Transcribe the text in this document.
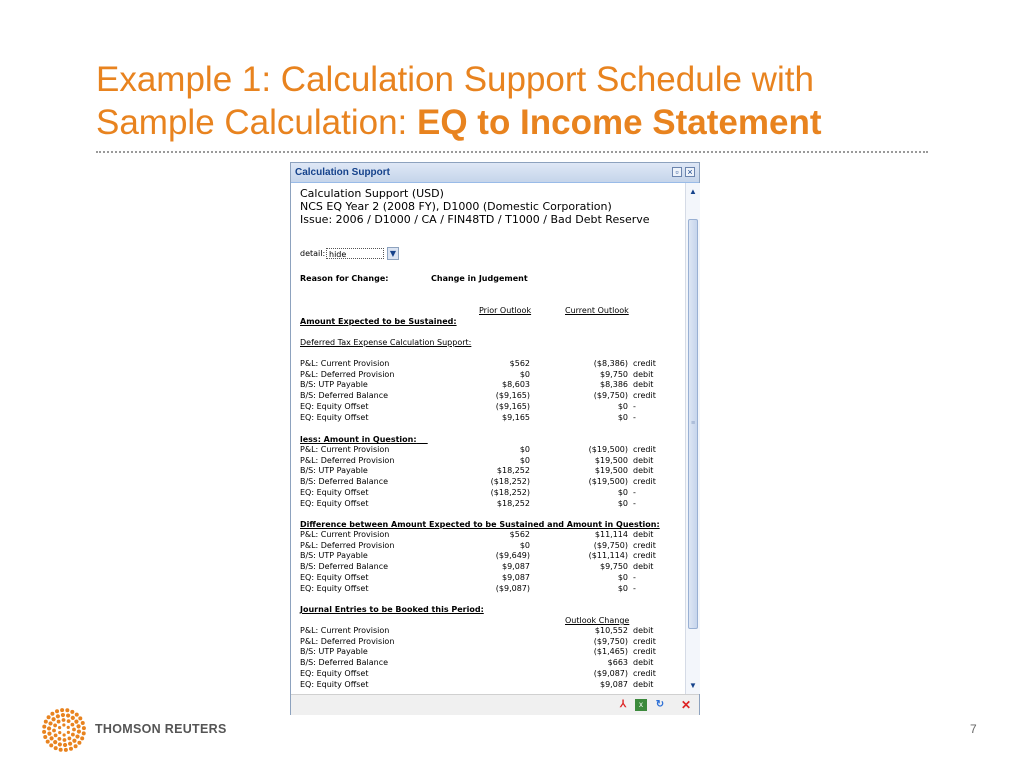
Example 1: Calculation Support Schedule with
Sample Calculation: EQ to Income Statement
Calculation Support	▫ ×
Calculation Support (USD)
NCS EQ Year 2 (2008 FY), D1000 (Domestic Corporation)
Issue: 2006 / D1000 / CA / FIN48TD / T1000 / Bad Debt Reserve
detail: hide	▼
Reason for Change:	Change in Judgement
Prior Outlook	Current Outlook
Amount Expected to be Sustained:
Deferred Tax Expense Calculation Support:
P&L: Current Provision	$562	($8,386) credit
P&L: Deferred Provision	$0	$9,750 debit
B/S: UTP Payable	$8,603	$8,386 debit
B/S: Deferred Balance	($9,165)	($9,750) credit
EQ: Equity Offset	($9,165)	$0 -
EQ: Equity Offset	$9,165	$0 -
less: Amount in Question:
P&L: Current Provision	$0	($19,500) credit
P&L: Deferred Provision	$0	$19,500 debit
B/S: UTP Payable	$18,252	$19,500 debit
B/S: Deferred Balance	($18,252)	($19,500) credit
EQ: Equity Offset	($18,252)	$0 -
EQ: Equity Offset	$18,252	$0 -
Difference between Amount Expected to be Sustained and Amount in Question:
P&L: Current Provision	$562	$11,114 debit
P&L: Deferred Provision	$0	($9,750) credit
B/S: UTP Payable	($9,649)	($11,114) credit
B/S: Deferred Balance	$9,087	$9,750 debit
EQ: Equity Offset	$9,087	$0 -
EQ: Equity Offset	($9,087)	$0 -
Journal Entries to be Booked this Period:
Outlook Change
P&L: Current Provision	$10,552 debit
P&L: Deferred Provision	($9,750) credit
B/S: UTP Payable	($1,465) credit
B/S: Deferred Balance	$663 debit
EQ: Equity Offset	($9,087) credit
EQ: Equity Offset	$9,087 debit
▲
≡
▼
⅄	x	↻ ✕
THOMSON REUTERS	7
